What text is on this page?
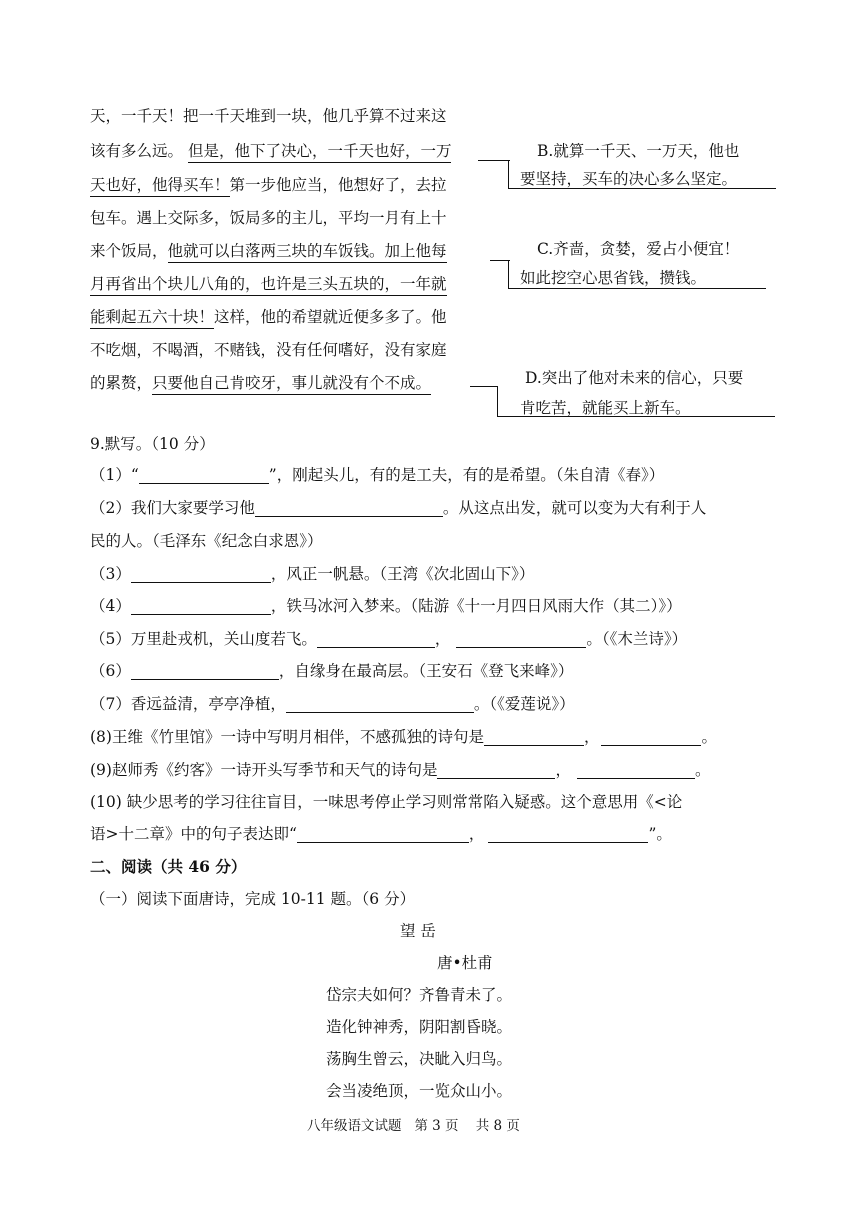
天，一千天！把一千天堆到一块，他几乎算不过来这
该有多么远。 但是，他下了决心，一千天也好，一万
天也好，他得买车！第一步他应当，他想好了，去拉
包车。遇上交际多，饭局多的主儿，平均一月有上十
来个饭局，他就可以白落两三块的车饭钱。加上他每
月再省出个块儿八角的，也许是三头五块的，一年就
能剩起五六十块！这样，他的希望就近便多多了。他
不吃烟，不喝酒，不赌钱，没有任何嗜好，没有家庭
的累赘，只要他自己肯咬牙，事儿就没有个不成。
B.就算一千天、一万天，他也
要坚持，买车的决心多么坚定。
C.齐啬，贪婪，爱占小便宜！
如此挖空心思省钱，攒钱。
D.突出了他对未来的信心，只要
肯吃苦，就能买上新车。
9.默写。（10 分）
（1）“	”，刚起头儿，有的是工夫，有的是希望。（朱自清《春》）
（2）我们大家要学习他	。从这点出发，就可以变为大有利于人
民的人。（毛泽东《纪念白求恩》）
（3）	，风正一帆悬。（王湾《次北固山下》）
（4）	，铁马冰河入梦来。（陆游《十一月四日风雨大作（其二）》）
（5）万里赴戎机，关山度若飞。	，	。（《木兰诗》）
（6）	，自缘身在最高层。（王安石《登飞来峰》）
（7）香远益清，亭亭净植，	。（《爱莲说》）
(8)王维《竹里馆》一诗中写明月相伴，不感孤独的诗句是	，	。
(9)赵师秀《约客》一诗开头写季节和天气的诗句是	，	。
(10) 缺少思考的学习往往盲目，一味思考停止学习则常常陷入疑惑。这个意思用《<论
语>十二章》中的句子表达即“	，	”。
二、阅读（共 46 分）
（一）阅读下面唐诗，完成 10-11 题。（6 分）
望 岳
唐•杜甫
岱宗夫如何？齐鲁青未了。
造化钟神秀，阴阳割昏晓。
荡胸生曾云，决眦入归鸟。
会当凌绝顶，一览众山小。
八年级语文试题   第 3 页    共 8 页
